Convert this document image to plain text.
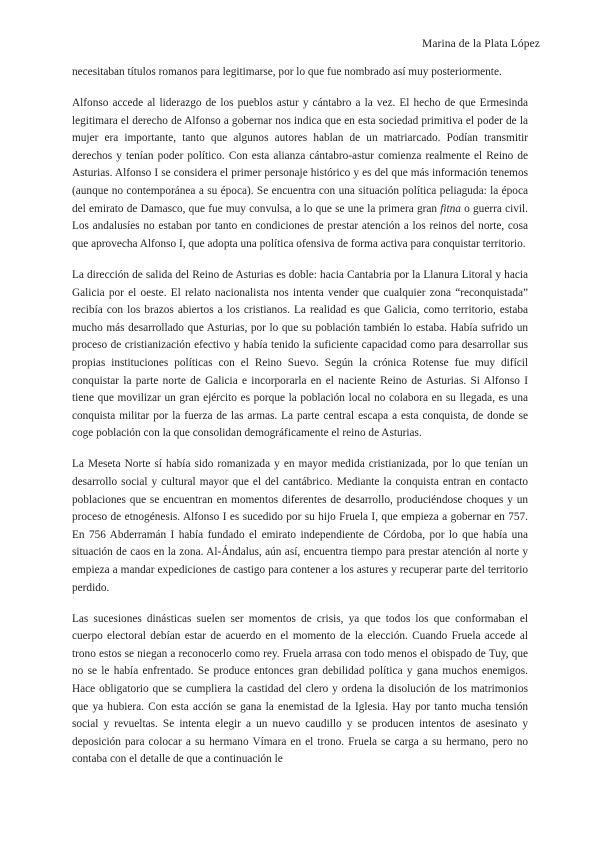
Marina de la Plata López

necesitaban títulos romanos para legitimarse, por lo que fue nombrado así muy posteriormente.

Alfonso accede al liderazgo de los pueblos astur y cántabro a la vez. El hecho de que Ermesinda legitimara el derecho de Alfonso a gobernar nos indica que en esta sociedad primitiva el poder de la mujer era importante, tanto que algunos autores hablan de un matriarcado. Podían transmitir derechos y tenían poder político. Con esta alianza cántabro-astur comienza realmente el Reino de Asturias. Alfonso I se considera el primer personaje histórico y es del que más información tenemos (aunque no contemporánea a su época). Se encuentra con una situación política peliaguda: la época del emirato de Damasco, que fue muy convulsa, a lo que se une la primera gran fitna o guerra civil. Los andalusíes no estaban por tanto en condiciones de prestar atención a los reinos del norte, cosa que aprovecha Alfonso I, que adopta una política ofensiva de forma activa para conquistar territorio.

La dirección de salida del Reino de Asturias es doble: hacia Cantabria por la Llanura Litoral y hacia Galicia por el oeste. El relato nacionalista nos intenta vender que cualquier zona “reconquistada” recibía con los brazos abiertos a los cristianos. La realidad es que Galicia, como territorio, estaba mucho más desarrollado que Asturias, por lo que su población también lo estaba. Había sufrido un proceso de cristianización efectivo y había tenido la suficiente capacidad como para desarrollar sus propias instituciones políticas con el Reino Suevo. Según la crónica Rotense fue muy difícil conquistar la parte norte de Galicia e incorporarla en el naciente Reino de Asturias. Si Alfonso I tiene que movilizar un gran ejército es porque la población local no colabora en su llegada, es una conquista militar por la fuerza de las armas. La parte central escapa a esta conquista, de donde se coge población con la que consolidan demográficamente el reino de Asturias.

La Meseta Norte sí había sido romanizada y en mayor medida cristianizada, por lo que tenían un desarrollo social y cultural mayor que el del cantábrico. Mediante la conquista entran en contacto poblaciones que se encuentran en momentos diferentes de desarrollo, produciéndose choques y un proceso de etnogénesis. Alfonso I es sucedido por su hijo Fruela I, que empieza a gobernar en 757. En 756 Abderramán I había fundado el emirato independiente de Córdoba, por lo que había una situación de caos en la zona. Al-Ándalus, aún así, encuentra tiempo para prestar atención al norte y empieza a mandar expediciones de castigo para contener a los astures y recuperar parte del territorio perdido.

Las sucesiones dinásticas suelen ser momentos de crisis, ya que todos los que conformaban el cuerpo electoral debían estar de acuerdo en el momento de la elección. Cuando Fruela accede al trono estos se niegan a reconocerlo como rey. Fruela arrasa con todo menos el obispado de Tuy, que no se le había enfrentado. Se produce entonces gran debilidad política y gana muchos enemigos. Hace obligatorio que se cumpliera la castidad del clero y ordena la disolución de los matrimonios que ya hubiera. Con esta acción se gana la enemistad de la Iglesia. Hay por tanto mucha tensión social y revueltas. Se intenta elegir a un nuevo caudillo y se producen intentos de asesinato y deposición para colocar a su hermano Vímara en el trono. Fruela se carga a su hermano, pero no contaba con el detalle de que a continuación le
